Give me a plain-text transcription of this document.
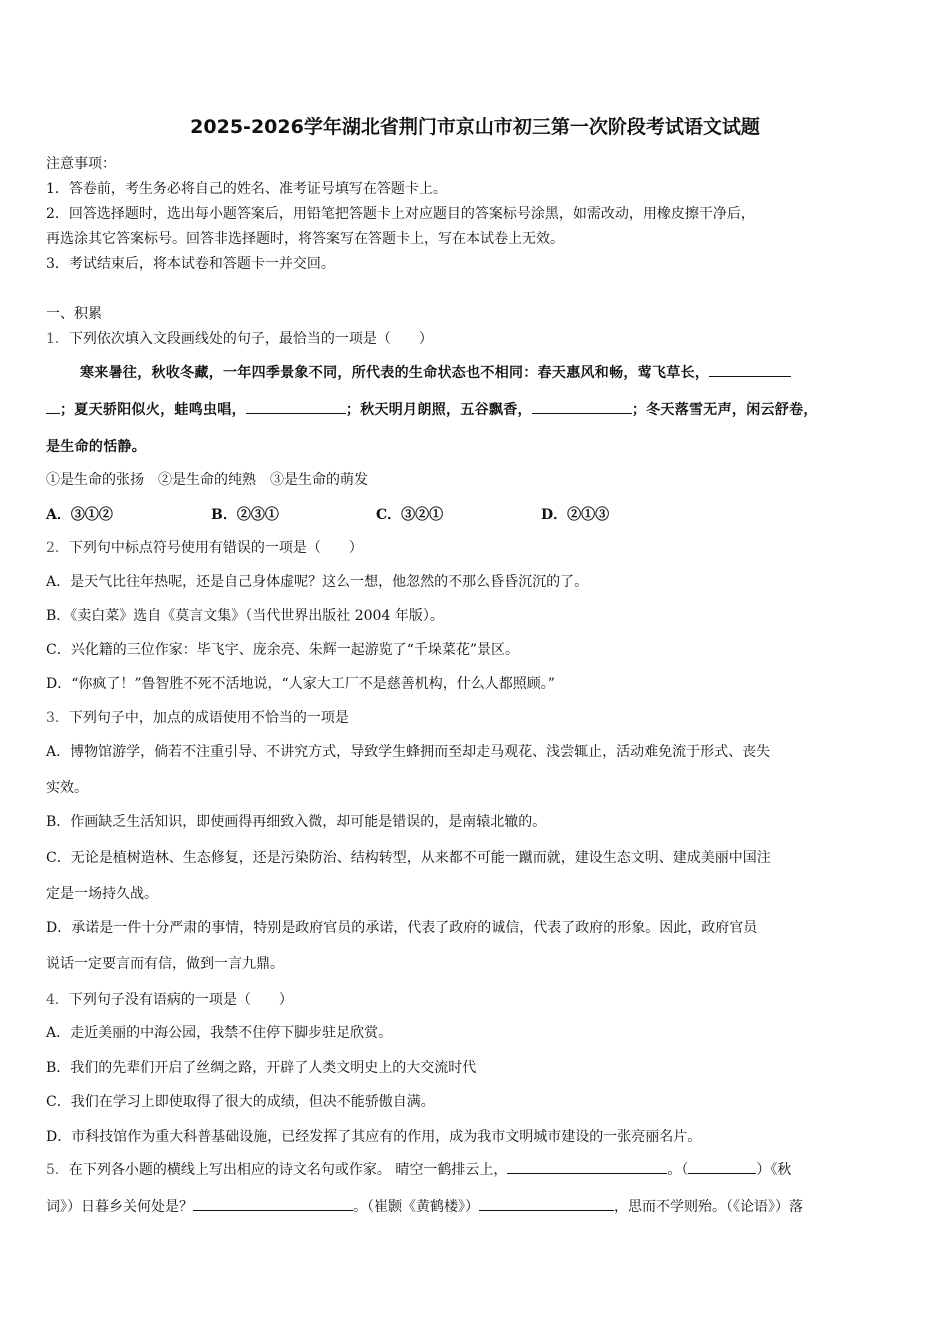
2025-2026学年湖北省荆门市京山市初三第一次阶段考试语文试题
注意事项：
1．答卷前，考生务必将自己的姓名、准考证号填写在答题卡上。
2．回答选择题时，选出每小题答案后，用铅笔把答题卡上对应题目的答案标号涂黑，如需改动，用橡皮擦干净后，
再选涂其它答案标号。回答非选择题时，将答案写在答题卡上，写在本试卷上无效。
3．考试结束后，将本试卷和答题卡一并交回。
一、积累
1．下列依次填入文段画线处的句子，最恰当的一项是（　　）
寒来暑往，秋收冬藏，一年四季景象不同，所代表的生命状态也不相同：春天惠风和畅，莺飞草长，
；夏天骄阳似火，蛙鸣虫唱，	；秋天明月朗照，五谷飘香，	；冬天落雪无声，闲云舒卷，
是生命的恬静。
①是生命的张扬　②是生命的纯熟　③是生命的萌发
A．③①②	B．②③①	C．③②①	D．②①③
2．下列句中标点符号使用有错误的一项是（　　）
A．是天气比往年热呢，还是自己身体虚呢？这么一想，他忽然的不那么昏昏沉沉的了。
B．《卖白菜》选自《莫言文集》（当代世界出版社 2004 年版）。
C．兴化籍的三位作家：毕飞宇、庞余亮、朱辉一起游览了“千垛菜花”景区。
D．“你疯了！”鲁智胜不死不活地说，“人家大工厂不是慈善机构，什么人都照顾。”
3．下列句子中，加点的成语使用不恰当的一项是
A．博物馆游学，倘若不注重引导、不讲究方式，导致学生蜂拥而至却走马观花、浅尝辄止，活动难免流于形式、丧失
实效。
B．作画缺乏生活知识，即使画得再细致入微，却可能是错误的，是南辕北辙的。
C．无论是植树造林、生态修复，还是污染防治、结构转型，从来都不可能一蹴而就，建设生态文明、建成美丽中国注
定是一场持久战。
D．承诺是一件十分严肃的事情，特别是政府官员的承诺，代表了政府的诚信，代表了政府的形象。因此，政府官员
说话一定要言而有信，做到一言九鼎。
4．下列句子没有语病的一项是（　　）
A．走近美丽的中海公园，我禁不住停下脚步驻足欣赏。
B．我们的先辈们开启了丝绸之路，开辟了人类文明史上的大交流时代
C．我们在学习上即使取得了很大的成绩，但决不能骄傲自满。
D．市科技馆作为重大科普基础设施，已经发挥了其应有的作用，成为我市文明城市建设的一张亮丽名片。
5．在下列各小题的横线上写出相应的诗文名句或作家。 晴空一鹤排云上，	。（	）《秋
词》）日暮乡关何处是？	。（崔颢《黄鹤楼》）	，思而不学则殆。（《论语》）落
